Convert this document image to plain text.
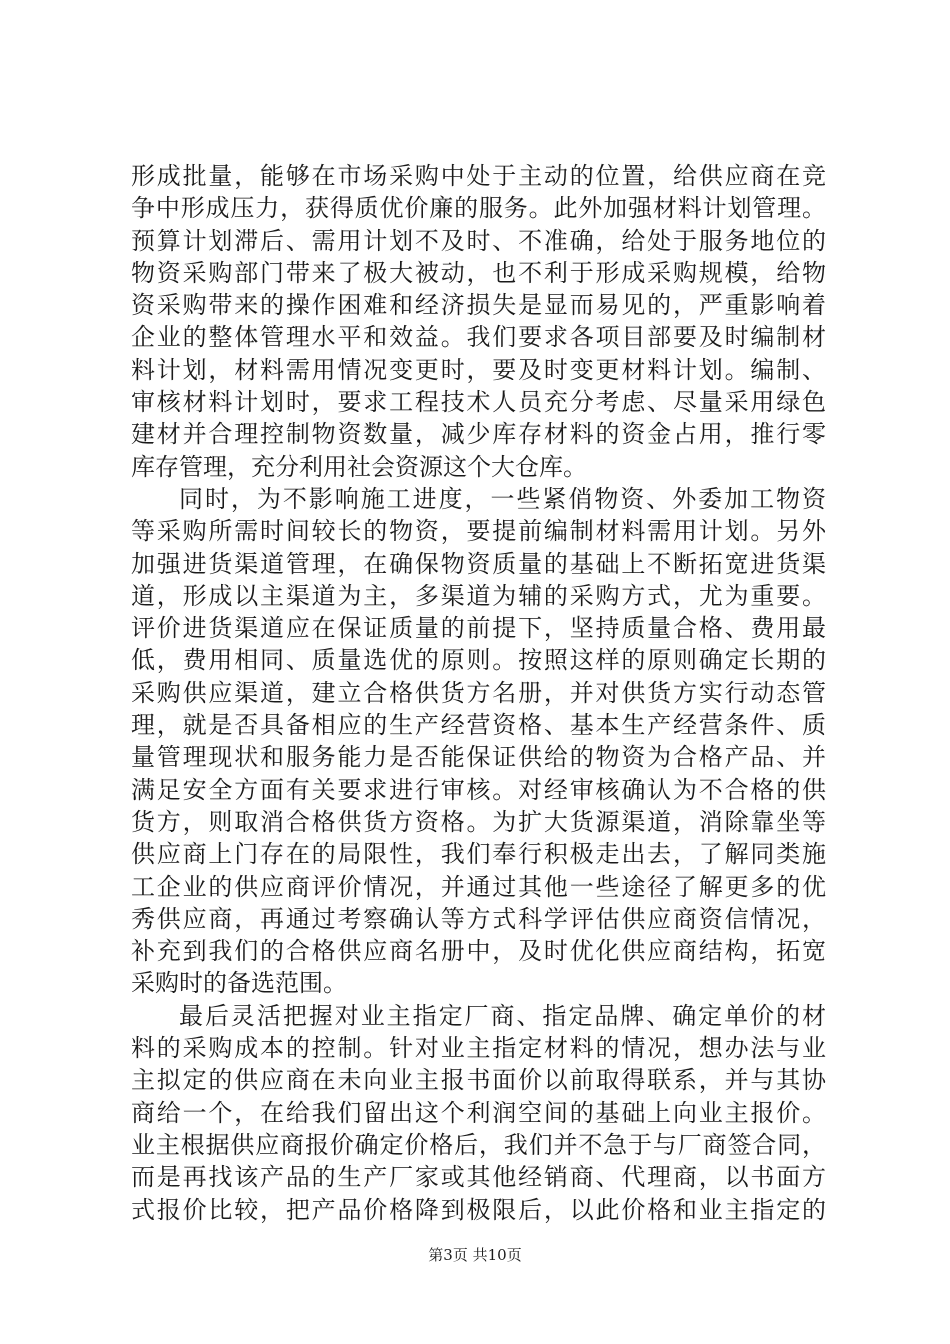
形成批量，能够在市场采购中处于主动的位置，给供应商在竞
争中形成压力，获得质优价廉的服务。此外加强材料计划管理。
预算计划滞后、需用计划不及时、不准确，给处于服务地位的
物资采购部门带来了极大被动，也不利于形成采购规模，给物
资采购带来的操作困难和经济损失是显而易见的，严重影响着
企业的整体管理水平和效益。我们要求各项目部要及时编制材
料计划，材料需用情况变更时，要及时变更材料计划。编制、
审核材料计划时，要求工程技术人员充分考虑、尽量采用绿色
建材并合理控制物资数量，减少库存材料的资金占用，推行零
库存管理，充分利用社会资源这个大仓库。
同时，为不影响施工进度，一些紧俏物资、外委加工物资
等采购所需时间较长的物资，要提前编制材料需用计划。另外
加强进货渠道管理，在确保物资质量的基础上不断拓宽进货渠
道，形成以主渠道为主，多渠道为辅的采购方式，尤为重要。
评价进货渠道应在保证质量的前提下，坚持质量合格、费用最
低，费用相同、质量选优的原则。按照这样的原则确定长期的
采购供应渠道，建立合格供货方名册，并对供货方实行动态管
理，就是否具备相应的生产经营资格、基本生产经营条件、质
量管理现状和服务能力是否能保证供给的物资为合格产品、并
满足安全方面有关要求进行审核。对经审核确认为不合格的供
货方，则取消合格供货方资格。为扩大货源渠道，消除靠坐等
供应商上门存在的局限性，我们奉行积极走出去，了解同类施
工企业的供应商评价情况，并通过其他一些途径了解更多的优
秀供应商，再通过考察确认等方式科学评估供应商资信情况，
补充到我们的合格供应商名册中，及时优化供应商结构，拓宽
采购时的备选范围。
最后灵活把握对业主指定厂商、指定品牌、确定单价的材
料的采购成本的控制。针对业主指定材料的情况，想办法与业
主拟定的供应商在未向业主报书面价以前取得联系，并与其协
商给一个，在给我们留出这个利润空间的基础上向业主报价。
业主根据供应商报价确定价格后，我们并不急于与厂商签合同，
而是再找该产品的生产厂家或其他经销商、代理商，以书面方
式报价比较，把产品价格降到极限后，以此价格和业主指定的
第3页 共10页
